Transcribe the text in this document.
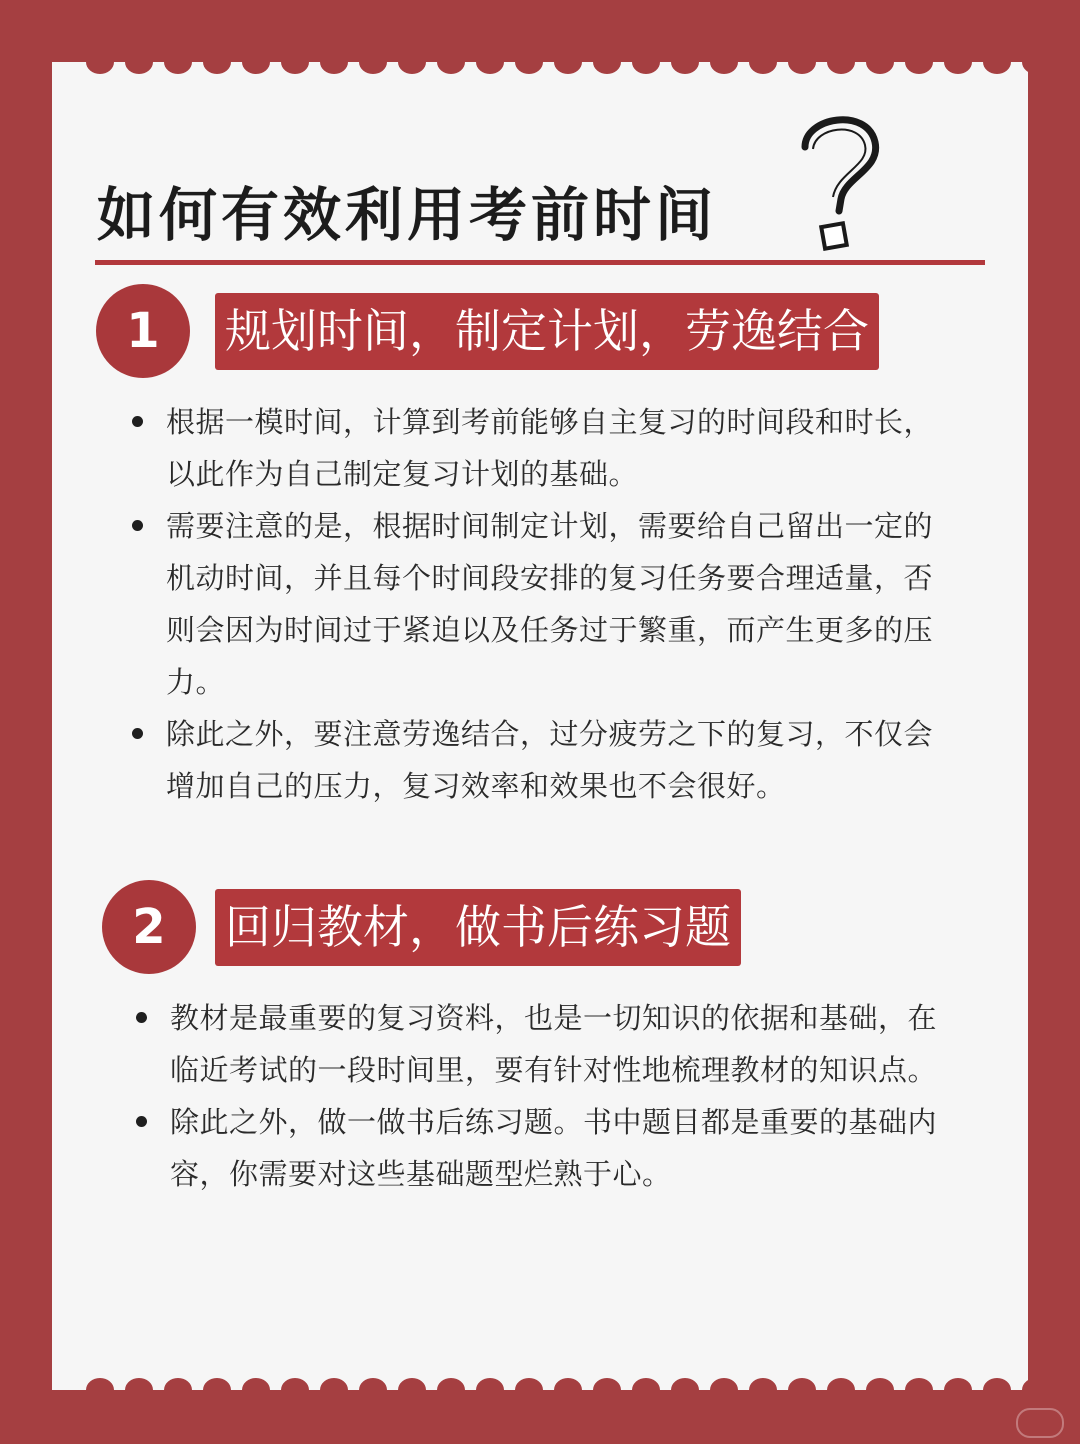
如何有效利用考前时间
1	规划时间，制定计划，劳逸结合
根据一模时间，计算到考前能够自主复习的时间段和时长，以此作为自己制定复习计划的基础。
需要注意的是，根据时间制定计划，需要给自己留出一定的机动时间，并且每个时间段安排的复习任务要合理适量，否则会因为时间过于紧迫以及任务过于繁重，而产生更多的压力。
除此之外，要注意劳逸结合，过分疲劳之下的复习，不仅会增加自己的压力，复习效率和效果也不会很好。
2	回归教材，做书后练习题
教材是最重要的复习资料，也是一切知识的依据和基础，在临近考试的一段时间里，要有针对性地梳理教材的知识点。
除此之外，做一做书后练习题。书中题目都是重要的基础内容，你需要对这些基础题型烂熟于心。
